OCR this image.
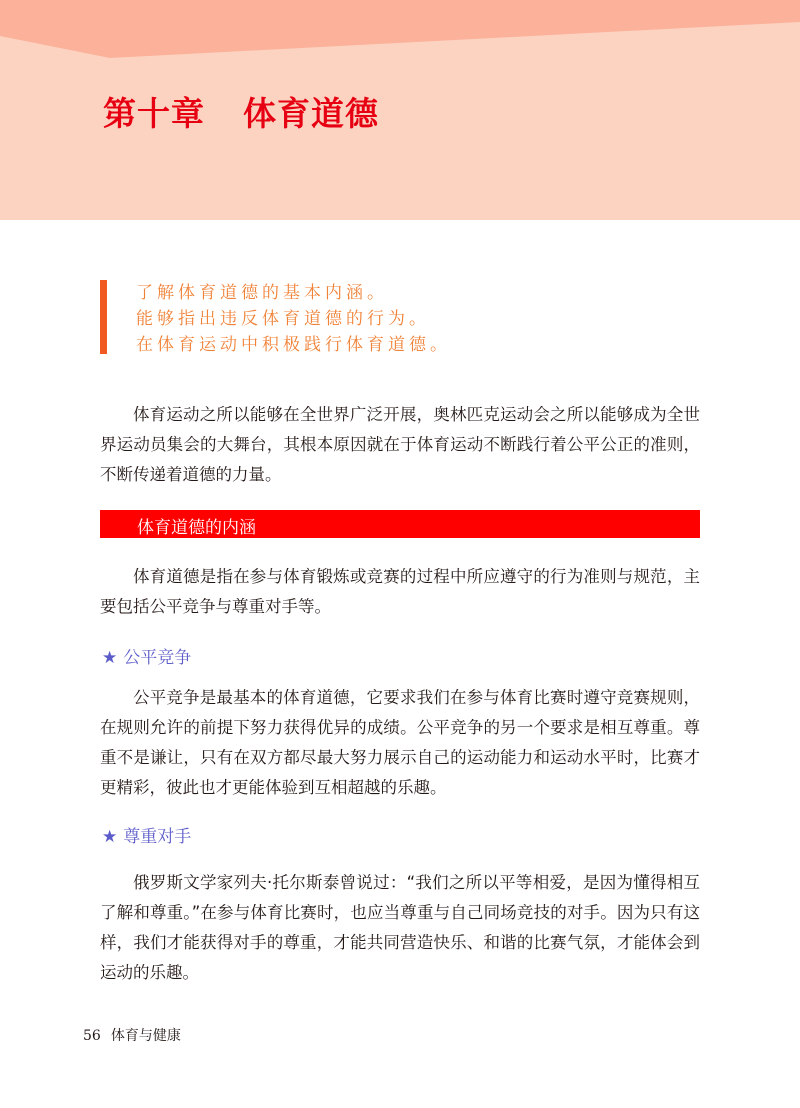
第十章 体育道德
了解体育道德的基本内涵。
能够指出违反体育道德的行为。
在体育运动中积极践行体育道德。

体育运动之所以能够在全世界广泛开展，奥林匹克运动会之所以能够成为全世界运动员集会的大舞台，其根本原因就在于体育运动不断践行着公平公正的准则，不断传递着道德的力量。

体育道德的内涵

体育道德是指在参与体育锻炼或竞赛的过程中所应遵守的行为准则与规范，主要包括公平竞争与尊重对手等。

★ 公平竞争

公平竞争是最基本的体育道德，它要求我们在参与体育比赛时遵守竞赛规则，在规则允许的前提下努力获得优异的成绩。公平竞争的另一个要求是相互尊重。尊重不是谦让，只有在双方都尽最大努力展示自己的运动能力和运动水平时，比赛才更精彩，彼此也才更能体验到互相超越的乐趣。

★ 尊重对手

俄罗斯文学家列夫·托尔斯泰曾说过：“我们之所以平等相爱，是因为懂得相互了解和尊重。”在参与体育比赛时，也应当尊重与自己同场竞技的对手。因为只有这样，我们才能获得对手的尊重，才能共同营造快乐、和谐的比赛气氛，才能体会到运动的乐趣。

56 体育与健康
